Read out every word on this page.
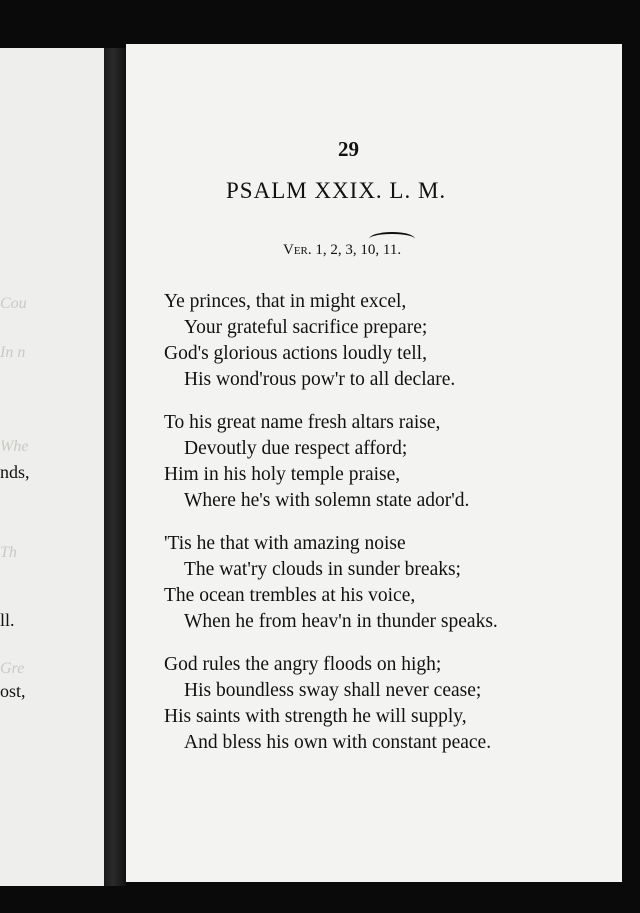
Cou
In n
Whe
Th
Gre
nds,
ll.
ost,
29
PSALM XXIX. L. M.
Ver. 1, 2, 3, 10, 11.
Ye princes, that in might excel,
Your grateful sacrifice prepare;
God's glorious actions loudly tell,
His wond'rous pow'r to all declare.
To his great name fresh altars raise,
Devoutly due respect afford;
Him in his holy temple praise,
Where he's with solemn state ador'd.
'Tis he that with amazing noise
The wat'ry clouds in sunder breaks;
The ocean trembles at his voice,
When he from heav'n in thunder speaks.
God rules the angry floods on high;
His boundless sway shall never cease;
His saints with strength he will supply,
And bless his own with constant peace.
